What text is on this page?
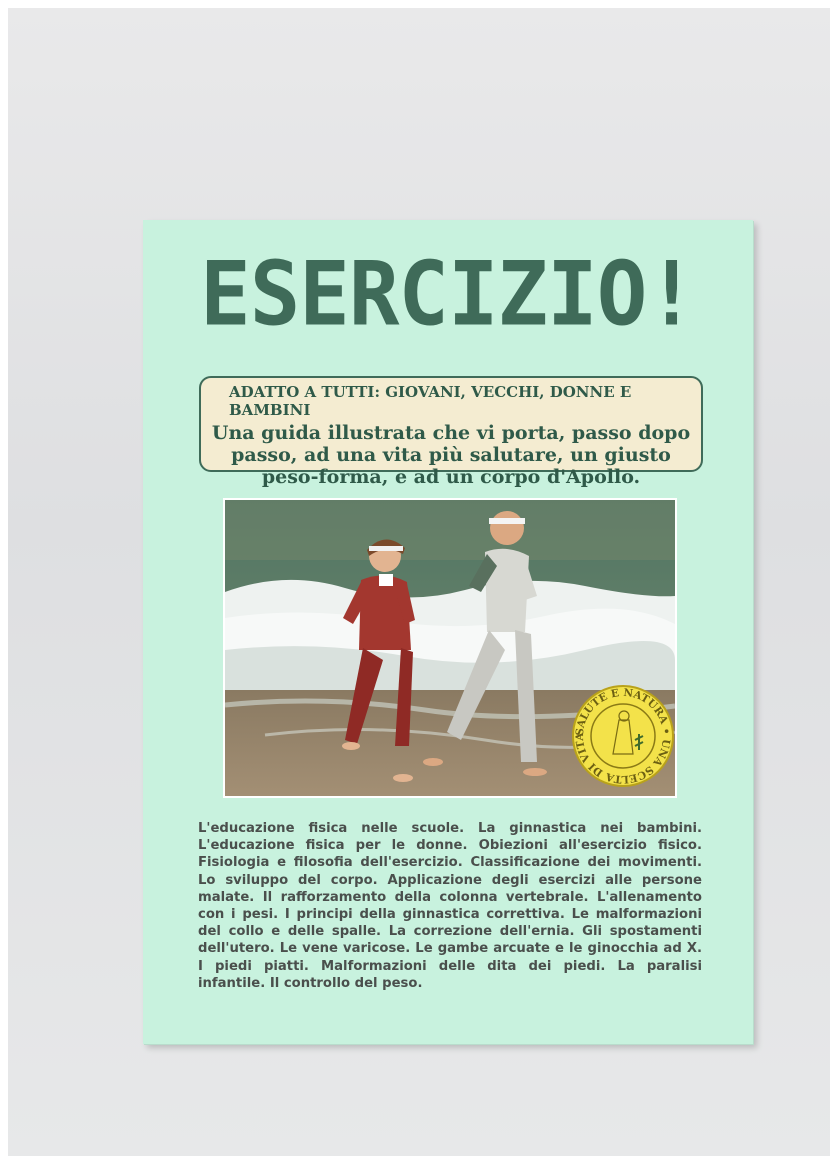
ESERCIZIO!
ADATTO A TUTTI: GIOVANI, VECCHI, DONNE E BAMBINI
Una guida illustrata che vi porta, passo dopo passo, ad una vita più salutare, un giusto peso-forma, e ad un corpo d'Apollo.
SALUTE E NATURA • UNA SCELTA DI VITA
L'educazione fisica nelle scuole. La ginnastica nei bambini. L'educazione fisica per le donne. Obiezioni all'esercizio fisico. Fisiologia e filosofia dell'esercizio. Classificazione dei movimenti. Lo sviluppo del corpo. Applicazione degli esercizi alle persone malate. Il rafforzamento della colonna vertebrale. L'allenamento con i pesi. I principi della ginnastica correttiva. Le malformazioni del collo e delle spalle. La correzione dell'ernia. Gli spostamenti dell'utero. Le vene varicose. Le gambe arcuate e le ginocchia ad X. I piedi piatti. Malformazioni delle dita dei piedi. La paralisi infantile. Il controllo del peso.
